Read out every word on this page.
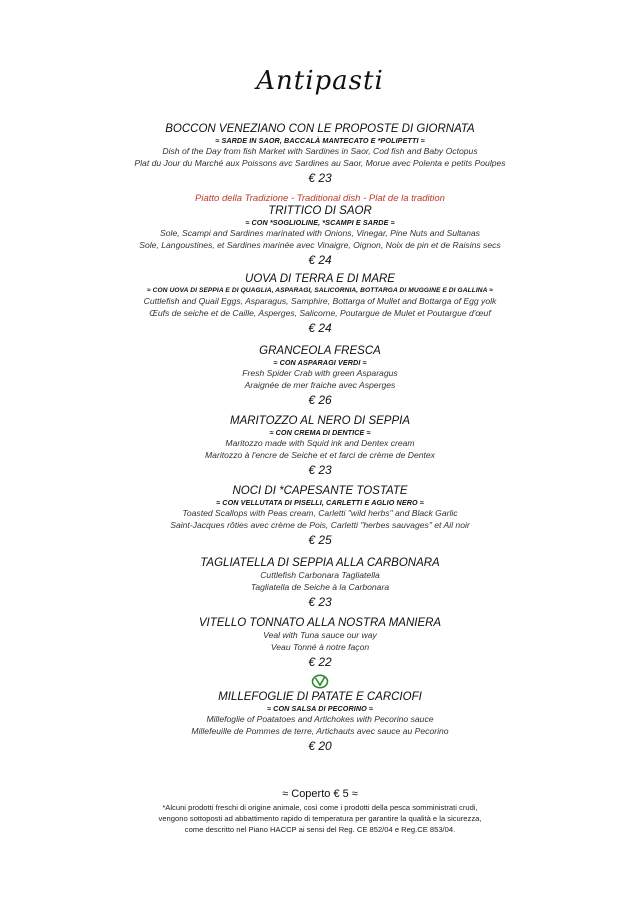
Antipasti
BOCCON VENEZIANO CON LE PROPOSTE DI GIORNATA
≈ SARDE IN SAOR, BACCALÀ MANTECATO E *POLIPETTI ≈
Dish of the Day from fish Market with Sardines in Saor, Cod fish and Baby Octopus
Plat du Jour du Marché aux Poissons avc Sardines au Saor, Morue avec Polenta e petits Poulpes
€ 23
Piatto della Tradizione - Traditional dish - Plat de la tradition
TRITTICO DI SAOR
≈ CON *SOGLIOLINE, *SCAMPI E SARDE ≈
Sole, Scampi and Sardines marinated with Onions, Vinegar, Pine Nuts and Sultanas
Sole, Langoustines, et Sardines marinée avec Vinaigre, Oignon, Noix de pin et de Raisins secs
€ 24
UOVA DI TERRA E DI MARE
≈ CON UOVA DI SEPPIA E DI QUAGLIA, ASPARAGI, SALICORNIA, BOTTARGA DI MUGGINE E DI GALLINA ≈
Cuttlefish and Quail Eggs, Asparagus, Samphire, Bottarga of Mullet and Bottarga of Egg yolk
Œufs de seiche et de Caille, Asperges, Salicorne, Poutargue de Mulet et Poutargue d'œuf
€ 24
GRANCEOLA FRESCA
≈ CON ASPARAGI VERDI ≈
Fresh Spider Crab with green Asparagus
Araignée de mer fraiche avec Asperges
€ 26
MARITOZZO AL NERO DI SEPPIA
≈ CON CREMA DI DENTICE ≈
Maritozzo made with Squid ink and Dentex cream
Maritozzo à l'encre de Seiche et et farci de crème de Dentex
€ 23
NOCI DI *CAPESANTE TOSTATE
≈ CON VELLUTATA DI PISELLI, CARLETTI E AGLIO NERO ≈
Toasted Scallops with Peas cream, Carletti "wild herbs" and Black Garlic
Saint-Jacques rôties avec crème de Pois, Carletti "herbes sauvages" et Ail noir
€ 25
TAGLIATELLA DI SEPPIA ALLA CARBONARA
Cuttlefish Carbonara Tagliatella
Tagliatella de Seiche à la Carbonara
€ 23
VITELLO TONNATO ALLA NOSTRA MANIERA
Veal with Tuna sauce our way
Veau Tonné à notre façon
€ 22
MILLEFOGLIE DI PATATE E CARCIOFI
≈ CON SALSA DI PECORINO ≈
Millefoglie of Poatatoes and Artichokes with Pecorino sauce
Millefeuille de Pommes de terre, Artichauts avec sauce au Pecorino
€ 20
≈ Coperto € 5 ≈
*Alcuni prodotti freschi di origine animale, così come i prodotti della pesca somministrati crudi,
vengono sottoposti ad abbattimento rapido di temperatura per garantire la qualità e la sicurezza,
come descritto nel Piano HACCP ai sensi del Reg. CE 852/04 e Reg.CE 853/04.
